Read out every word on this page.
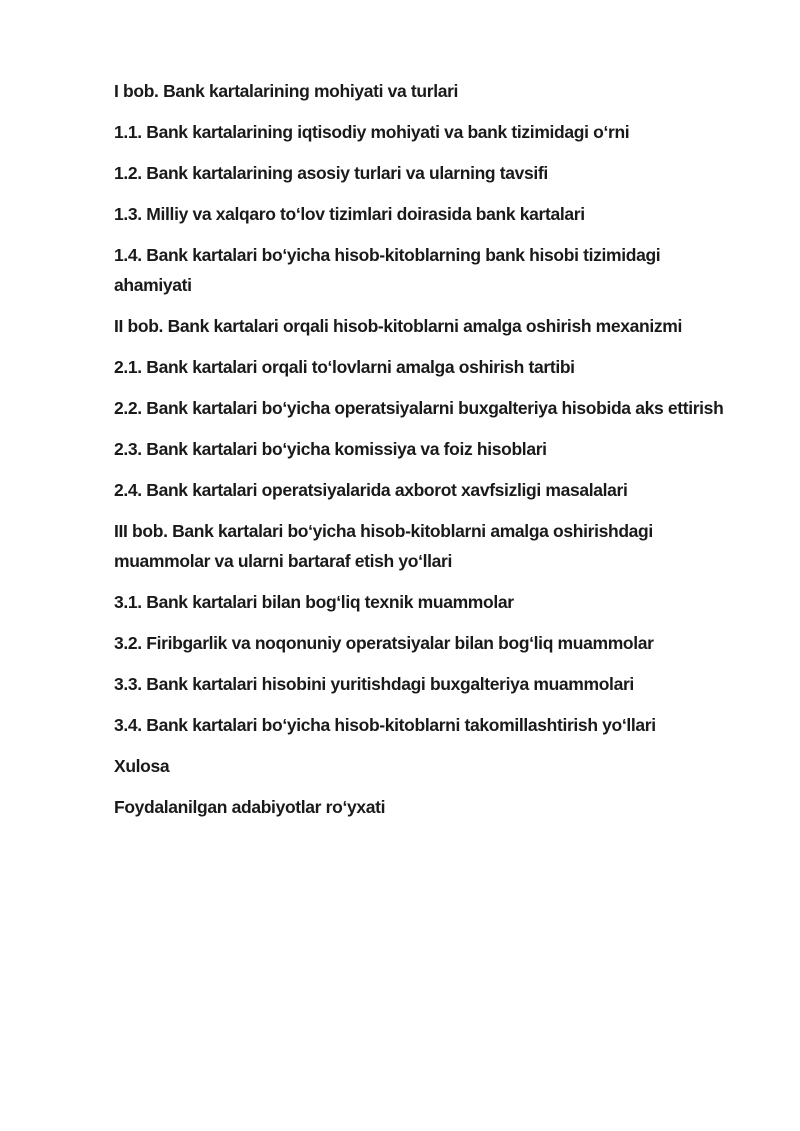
I bob. Bank kartalarining mohiyati va turlari
1.1. Bank kartalarining iqtisodiy mohiyati va bank tizimidagi o‘rni
1.2. Bank kartalarining asosiy turlari va ularning tavsifi
1.3. Milliy va xalqaro to‘lov tizimlari doirasida bank kartalari
1.4. Bank kartalari bo‘yicha hisob-kitoblarning bank hisobi tizimidagi ahamiyati
II bob. Bank kartalari orqali hisob-kitoblarni amalga oshirish mexanizmi
2.1. Bank kartalari orqali to‘lovlarni amalga oshirish tartibi
2.2. Bank kartalari bo‘yicha operatsiyalarni buxgalteriya hisobida aks ettirish
2.3. Bank kartalari bo‘yicha komissiya va foiz hisoblari
2.4. Bank kartalari operatsiyalarida axborot xavfsizligi masalalari
III bob. Bank kartalari bo‘yicha hisob-kitoblarni amalga oshirishdagi muammolar va ularni bartaraf etish yo‘llari
3.1. Bank kartalari bilan bog‘liq texnik muammolar
3.2. Firibgarlik va noqonuniy operatsiyalar bilan bog‘liq muammolar
3.3. Bank kartalari hisobini yuritishdagi buxgalteriya muammolari
3.4. Bank kartalari bo‘yicha hisob-kitoblarni takomillashtirish yo‘llari
Xulosa
Foydalanilgan adabiyotlar ro‘yxati
